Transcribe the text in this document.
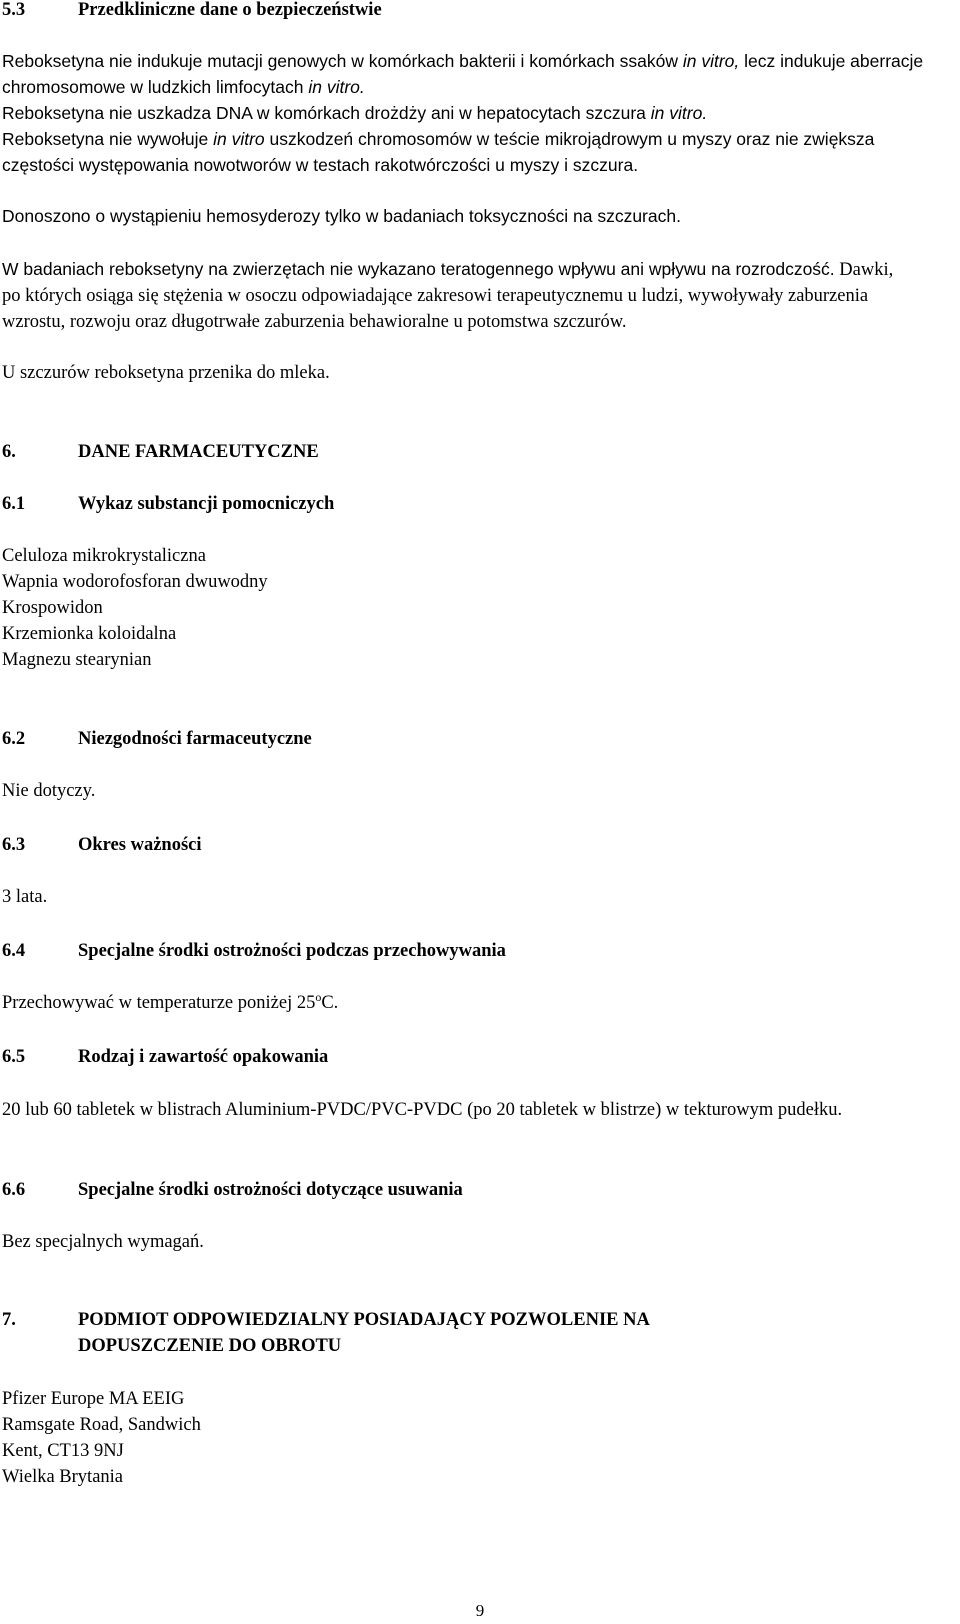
5.3	Przedkliniczne dane o bezpieczeństwie

Reboksetyna nie indukuje mutacji genowych w komórkach bakterii i komórkach ssaków in vitro, lecz indukuje aberracje chromosomowe w ludzkich limfocytach in vitro.

Reboksetyna nie uszkadza DNA w komórkach drożdży ani w hepatocytach szczura in vitro.

Reboksetyna nie wywołuje in vitro uszkodzeń chromosomów w teście mikrojądrowym u myszy oraz nie zwiększa częstości występowania nowotworów w testach rakotwórczości u myszy i szczura.

Donoszono o wystąpieniu hemosyderozy tylko w badaniach toksyczności na szczurach.

W badaniach reboksetyny na zwierzętach nie wykazano teratogennego wpływu ani wpływu na rozrodczość. Dawki, po których osiąga się stężenia w osoczu odpowiadające zakresowi terapeutycznemu u ludzi, wywoływały zaburzenia wzrostu, rozwoju oraz długotrwałe zaburzenia behawioralne u potomstwa szczurów.

U szczurów reboksetyna przenika do mleka.

6.	DANE FARMACEUTYCZNE
6.1	Wykaz substancji pomocniczych

Celuloza mikrokrystaliczna

Wapnia wodorofosforan dwuwodny

Krospowidon

Krzemionka koloidalna

Magnezu stearynian

6.2	Niezgodności farmaceutyczne

Nie dotyczy.

6.3	Okres ważności

3 lata.

6.4	Specjalne środki ostrożności podczas przechowywania

Przechowywać w temperaturze poniżej 25$^o$C.

6.5	Rodzaj i zawartość opakowania

20 lub 60 tabletek w blistrach Aluminium-PVDC/PVC-PVDC (po 20 tabletek w blistrze) w tekturowym pudełku.

6.6	Specjalne środki ostrożności dotyczące usuwania

Bez specjalnych wymagań.

7.	PODMIOT ODPOWIEDZIALNY POSIADAJĄCY POZWOLENIE NA
DOPUSZCZENIE DO OBROTU

Pfizer Europe MA EEIG

Ramsgate Road, Sandwich

Kent, CT13 9NJ

Wielka Brytania

9
